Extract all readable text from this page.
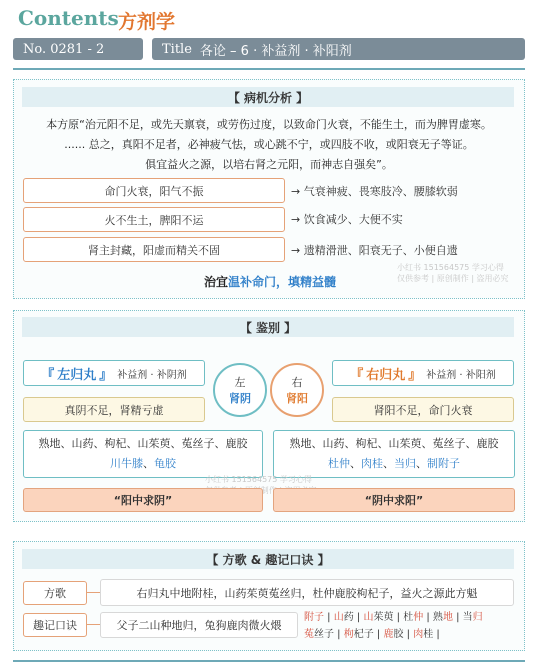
Contents 方剂学
No. 0281 - 2	Title 各论 – 6 · 补益剂 · 补阳剂
【 病机分析 】
本方原“治元阳不足，或先天禀衰，或劳伤过度，以致命门火衰，不能生土，而为脾胃虚寒。
...... 总之，真阳不足者，必神疲气怯，或心跳不宁，或四肢不收，或阳衰无子等证。
俱宜益火之源，以培右肾之元阳，而神志自强矣”。
命门火衰，阳气不振	→ 气衰神疲、畏寒肢冷、腰膝软弱
火不生土，脾阳不运	→ 饮食减少、大便不实
肾主封藏，阳虚而精关不固	→ 遗精滑泄、阳衰无子、小便自遗
小红书 151564575 学习心得
仅供参考 | 原创制作 | 盗用必究
治宜温补命门，填精益髓
【 鉴别 】
『 左归丸 』 补益剂 · 补阴剂
真阴不足，肾精亏虚
左
肾阴
右
肾阳
『 右归丸 』 补益剂 · 补阳剂
肾阳不足，命门火衰
熟地、山药、枸杞、山茱萸、菟丝子、鹿胶
川牛膝、龟胶
熟地、山药、枸杞、山茱萸、菟丝子、鹿胶
杜仲、肉桂、当归、制附子
小红书 151564575 学习心得
“阳中求阴”	“阴中求阳”
【 方歌 & 趣记口诀 】
方歌	右归丸中地附桂，山药茱萸菟丝归，杜仲鹿胶枸杞子，益火之源此方魁
趣记口诀	父子二山种地归，兔狗鹿肉微火煨
附子 | 山药 | 山茱萸 | 杜仲 | 熟地 | 当归
菟丝子 | 枸杞子 | 鹿胶 | 肉桂 |
